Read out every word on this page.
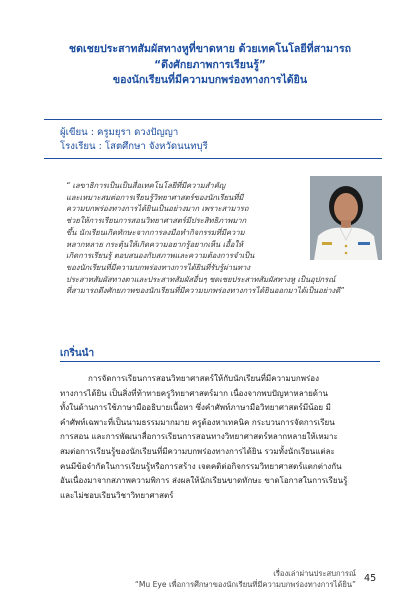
ชดเชยประสาทสัมผัสทางหูที่ขาดหาย ด้วยเทคโนโลยีที่สามารถ
“ดึงศักยภาพการเรียนรู้”
ของนักเรียนที่มีความบกพร่องทางการได้ยิน
ผู้เขียน : ครูมยุรา ดวงปัญญา
โรงเรียน : โสตศึกษา จังหวัดนนทบุรี
“ เลขาธิการเป็นเป็นสื่อเทคโนโลยีที่มีความสำคัญ
และเหมาะสมต่อการเรียนรู้วิทยาศาสตร์ของนักเรียนที่มี
ความบกพร่องทางการได้ยินเป็นอย่างมาก เพราะสามารถ
ช่วยให้การเรียนการสอนวิทยาศาสตร์มีประสิทธิภาพมาก
ขึ้น นักเรียนเกิดทักษะจากการลงมือทำกิจกรรมที่มีความ
หลากหลาย กระตุ้นให้เกิดความอยากรู้อยากเห็น เอื้อให้
เกิดการเรียนรู้ ตอบสนองกับสภาพและความต้องการจำเป็น
ของนักเรียนที่มีความบกพร่องทางการได้ยินที่รับรู้ผ่านทาง
ประสาทสัมผัสทางตาและประสาทสัมผัสอื่นๆ ชดเชยประสาทสัมผัสทางหู เป็นอุปกรณ์
ที่สามารถดึงศักยภาพของนักเรียนที่มีความบกพร่องทางการได้ยินออกมาได้เป็นอย่างดี”
เกริ่นนำ
การจัดการเรียนการสอนวิทยาศาสตร์ให้กับนักเรียนที่มีความบกพร่อง
ทางการได้ยิน เป็นสิ่งที่ท้าทายครูวิทยาศาสตร์มาก เนื่องจากพบปัญหาหลายด้าน
ทั้งในด้านการใช้ภาษามืออธิบายเนื้อหา ซึ่งคำศัพท์ภาษามือวิทยาศาสตร์มีน้อย มี
คำศัพท์เฉพาะที่เป็นนามธรรมมากมาย ครูต้องหาเทคนิค กระบวนการจัดการเรียน
การสอน และการพัฒนาสื่อการเรียนการสอนทางวิทยาศาสตร์หลากหลายให้เหมาะ
สมต่อการเรียนรู้ของนักเรียนที่มีความบกพร่องทางการได้ยิน รวมทั้งนักเรียนแต่ละ
คนมีข้อจำกัดในการเรียนรู้หรือการสร้าง เจตคติต่อกิจกรรมวิทยาศาสตร์แตกต่างกัน
อันเนื่องมาจากสภาพความพิการ ส่งผลให้นักเรียนขาดทักษะ ขาดโอกาสในการเรียนรู้
และไม่ชอบเรียนวิชาวิทยาศาสตร์
เรื่องเล่าผ่านประสบการณ์
“Mu Eye เพื่อการศึกษาของนักเรียนที่มีความบกพร่องทางการได้ยิน”
45
